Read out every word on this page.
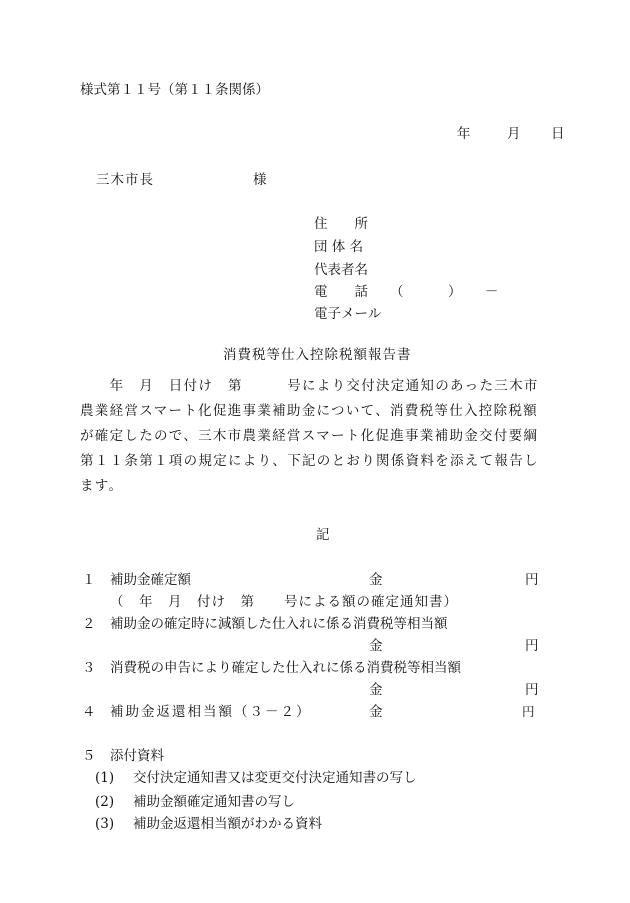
様式第１１号（第１１条関係）
年	月 日
三木市長	様
住　　所
団 体 名
代表者名
電　　話 （　　　）　　－
電子メール
消費税等仕入控除税額報告書
　　年　月　日付け　第　　　号により交付決定通知のあった三木市
農業経営スマート化促進事業補助金について、消費税等仕入控除税額
が確定したので、三木市農業経営スマート化促進事業補助金交付要綱
第１１条第１項の規定により、下記のとおり関係資料を添えて報告し
ます。
記
１ 補助金確定額	金	円
（　年　月　付け　第　　号による額の確定通知書）
２ 補助金の確定時に減額した仕入れに係る消費税等相当額
金	円
３ 消費税の申告により確定した仕入れに係る消費税等相当額
金	円
４ 補助金返還相当額（３－２）	金	円
５ 添付資料
(1) 交付決定通知書又は変更交付決定通知書の写し
(2) 補助金額確定通知書の写し
(3) 補助金返還相当額がわかる資料
